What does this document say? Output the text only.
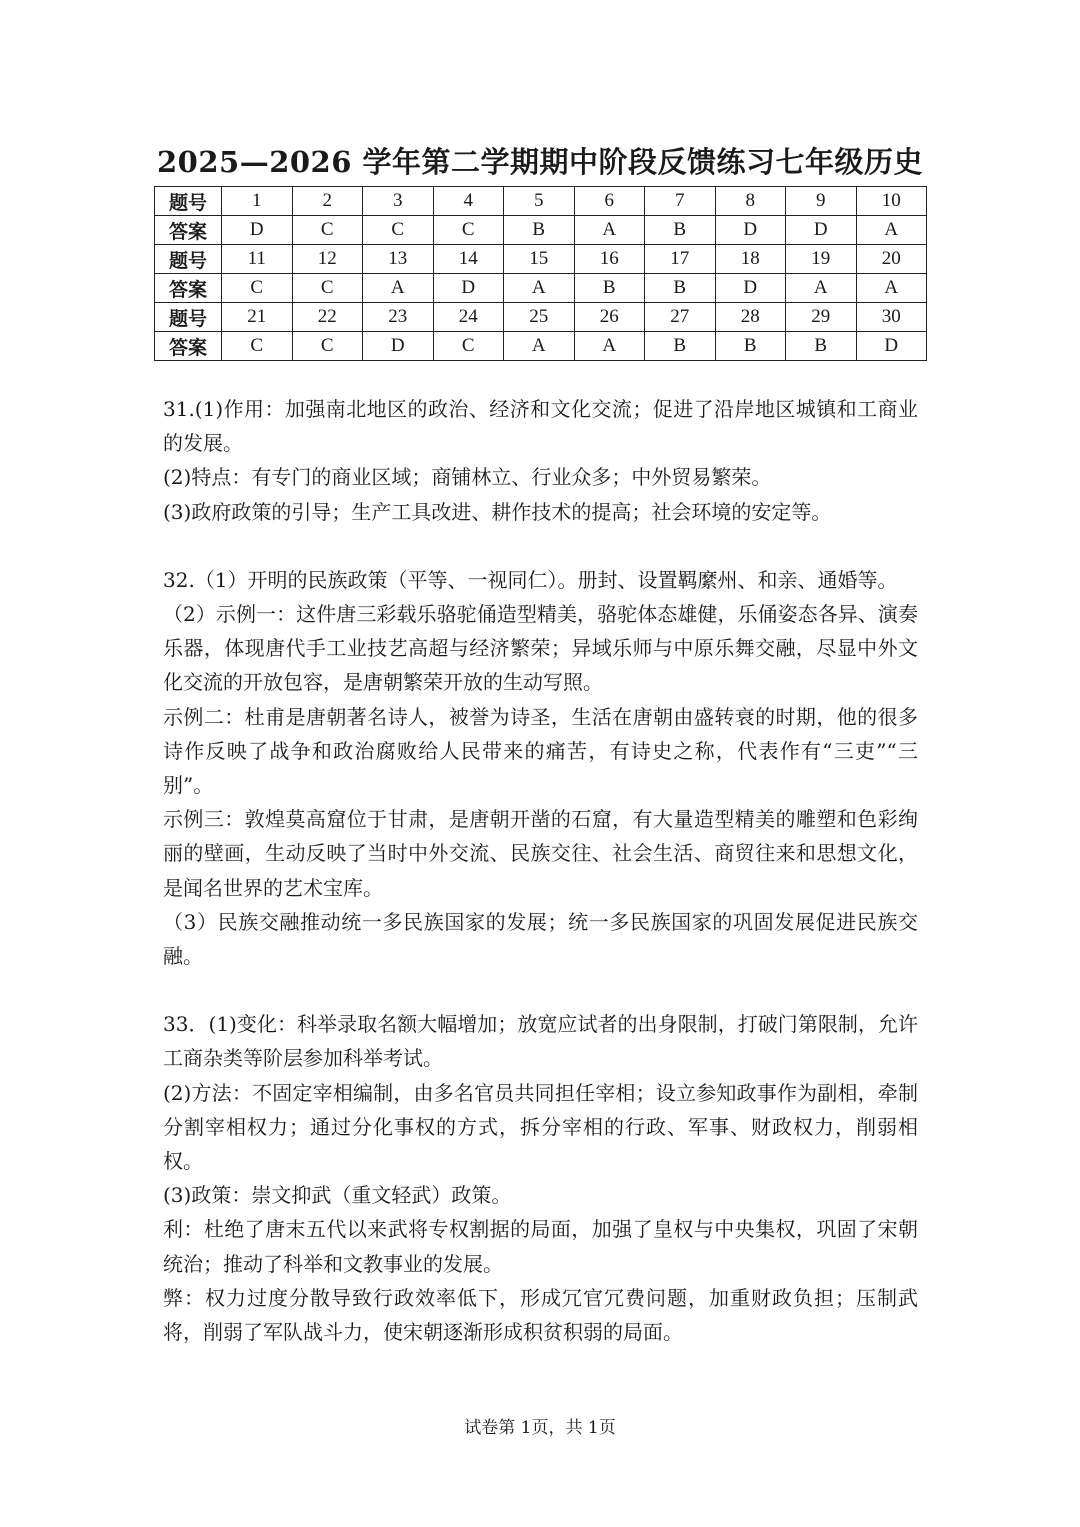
2025—2026 学年第二学期期中阶段反馈练习七年级历史
题号	1	2	3	4	5	6	7	8	9	10
答案	D	C	C	C	B	A	B	D	D	A
题号	11	12	13	14	15	16	17	18	19	20
答案	C	C	A	D	A	B	B	D	A	A
题号	21	22	23	24	25	26	27	28	29	30
答案	C	C	D	C	A	A	B	B	B	D

31.(1)作用：加强南北地区的政治、经济和文化交流；促进了沿岸地区城镇和工商业的发展。

(2)特点：有专门的商业区域；商铺林立、行业众多；中外贸易繁荣。

(3)政府政策的引导；生产工具改进、耕作技术的提高；社会环境的安定等。

32.（1）开明的民族政策（平等、一视同仁）。册封、设置羁縻州、和亲、通婚等。

（2）示例一：这件唐三彩载乐骆驼俑造型精美，骆驼体态雄健，乐俑姿态各异、演奏乐器，体现唐代手工业技艺高超与经济繁荣；异域乐师与中原乐舞交融，尽显中外文化交流的开放包容，是唐朝繁荣开放的生动写照。

示例二：杜甫是唐朝著名诗人，被誉为诗圣，生活在唐朝由盛转衰的时期，他的很多诗作反映了战争和政治腐败给人民带来的痛苦，有诗史之称，代表作有“三吏”“三别”。

示例三：敦煌莫高窟位于甘肃，是唐朝开凿的石窟，有大量造型精美的雕塑和色彩绚丽的壁画，生动反映了当时中外交流、民族交往、社会生活、商贸往来和思想文化，是闻名世界的艺术宝库。

（3）民族交融推动统一多民族国家的发展；统一多民族国家的巩固发展促进民族交融。

33．(1)变化：科举录取名额大幅增加；放宽应试者的出身限制，打破门第限制，允许工商杂类等阶层参加科举考试。

(2)方法：不固定宰相编制，由多名官员共同担任宰相；设立参知政事作为副相，牵制分割宰相权力；通过分化事权的方式，拆分宰相的行政、军事、财政权力，削弱相权。

(3)政策：崇文抑武（重文轻武）政策。

利：杜绝了唐末五代以来武将专权割据的局面，加强了皇权与中央集权，巩固了宋朝统治；推动了科举和文教事业的发展。

弊：权力过度分散导致行政效率低下，形成冗官冗费问题，加重财政负担；压制武将，削弱了军队战斗力，使宋朝逐渐形成积贫积弱的局面。

试卷第 1页，共 1页
